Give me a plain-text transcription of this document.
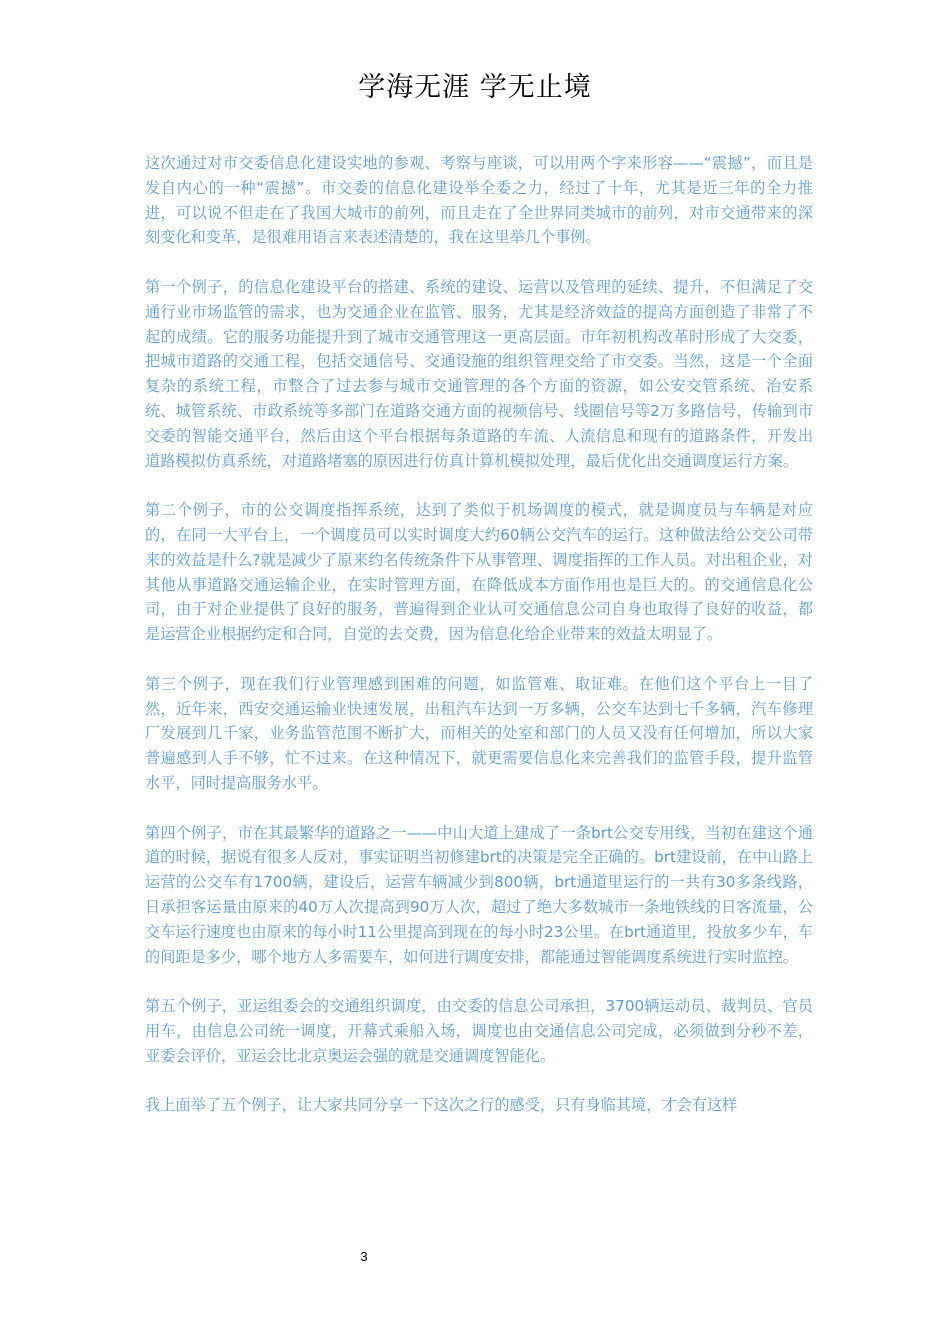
学海无涯 学无止境

这次通过对市交委信息化建设实地的参观、考察与座谈，可以用两个字来形容——“震撼”，而且是发自内心的一种“震撼”。市交委的信息化建设举全委之力，经过了十年，尤其是近三年的全力推进，可以说不但走在了我国大城市的前列，而且走在了全世界同类城市的前列，对市交通带来的深刻变化和变革，是很难用语言来表述清楚的，我在这里举几个事例。

第一个例子，的信息化建设平台的搭建、系统的建设、运营以及管理的延续、提升，不但满足了交通行业市场监管的需求，也为交通企业在监管、服务，尤其是经济效益的提高方面创造了非常了不起的成绩。它的服务功能提升到了城市交通管理这一更高层面。市年初机构改革时形成了大交委，把城市道路的交通工程，包括交通信号、交通设施的组织管理交给了市交委。当然，这是一个全面复杂的系统工程，市整合了过去参与城市交通管理的各个方面的资源，如公安交管系统、治安系统、城管系统、市政系统等多部门在道路交通方面的视频信号、线圈信号等2万多路信号，传输到市交委的智能交通平台，然后由这个平台根据每条道路的车流、人流信息和现有的道路条件，开发出道路模拟仿真系统，对道路堵塞的原因进行仿真计算机模拟处理，最后优化出交通调度运行方案。

第二个例子，市的公交调度指挥系统，达到了类似于机场调度的模式，就是调度员与车辆是对应的，在同一大平台上，一个调度员可以实时调度大约60辆公交汽车的运行。这种做法给公交公司带来的效益是什么?就是减少了原来约名传统条件下从事管理、调度指挥的工作人员。对出租企业，对其他从事道路交通运输企业，在实时管理方面，在降低成本方面作用也是巨大的。的交通信息化公司，由于对企业提供了良好的服务，普遍得到企业认可交通信息公司自身也取得了良好的收益，都是运营企业根据约定和合同，自觉的去交费，因为信息化给企业带来的效益太明显了。

第三个例子，现在我们行业管理感到困难的问题，如监管难、取证难。在他们这个平台上一目了然，近年来，西安交通运输业快速发展，出租汽车达到一万多辆，公交车达到七千多辆，汽车修理厂发展到几千家，业务监管范围不断扩大，而相关的处室和部门的人员又没有任何增加，所以大家普遍感到人手不够，忙不过来。在这种情况下，就更需要信息化来完善我们的监管手段，提升监管水平，同时提高服务水平。

第四个例子，市在其最繁华的道路之一——中山大道上建成了一条brt公交专用线，当初在建这个通道的时候，据说有很多人反对，事实证明当初修建brt的决策是完全正确的。brt建设前，在中山路上运营的公交车有1700辆，建设后，运营车辆减少到800辆，brt通道里运行的一共有30多条线路，日承担客运量由原来的40万人次提高到90万人次，超过了绝大多数城市一条地铁线的日客流量，公交车运行速度也由原来的每小时11公里提高到现在的每小时23公里。在brt通道里，投放多少车，车的间距是多少，哪个地方人多需要车，如何进行调度安排，都能通过智能调度系统进行实时监控。

第五个例子，亚运组委会的交通组织调度，由交委的信息公司承担，3700辆运动员、裁判员、官员用车，由信息公司统一调度，开幕式乘船入场，调度也由交通信息公司完成，必须做到分秒不差，亚委会评价，亚运会比北京奥运会强的就是交通调度智能化。

我上面举了五个例子，让大家共同分享一下这次之行的感受，只有身临其境，才会有这样

3
